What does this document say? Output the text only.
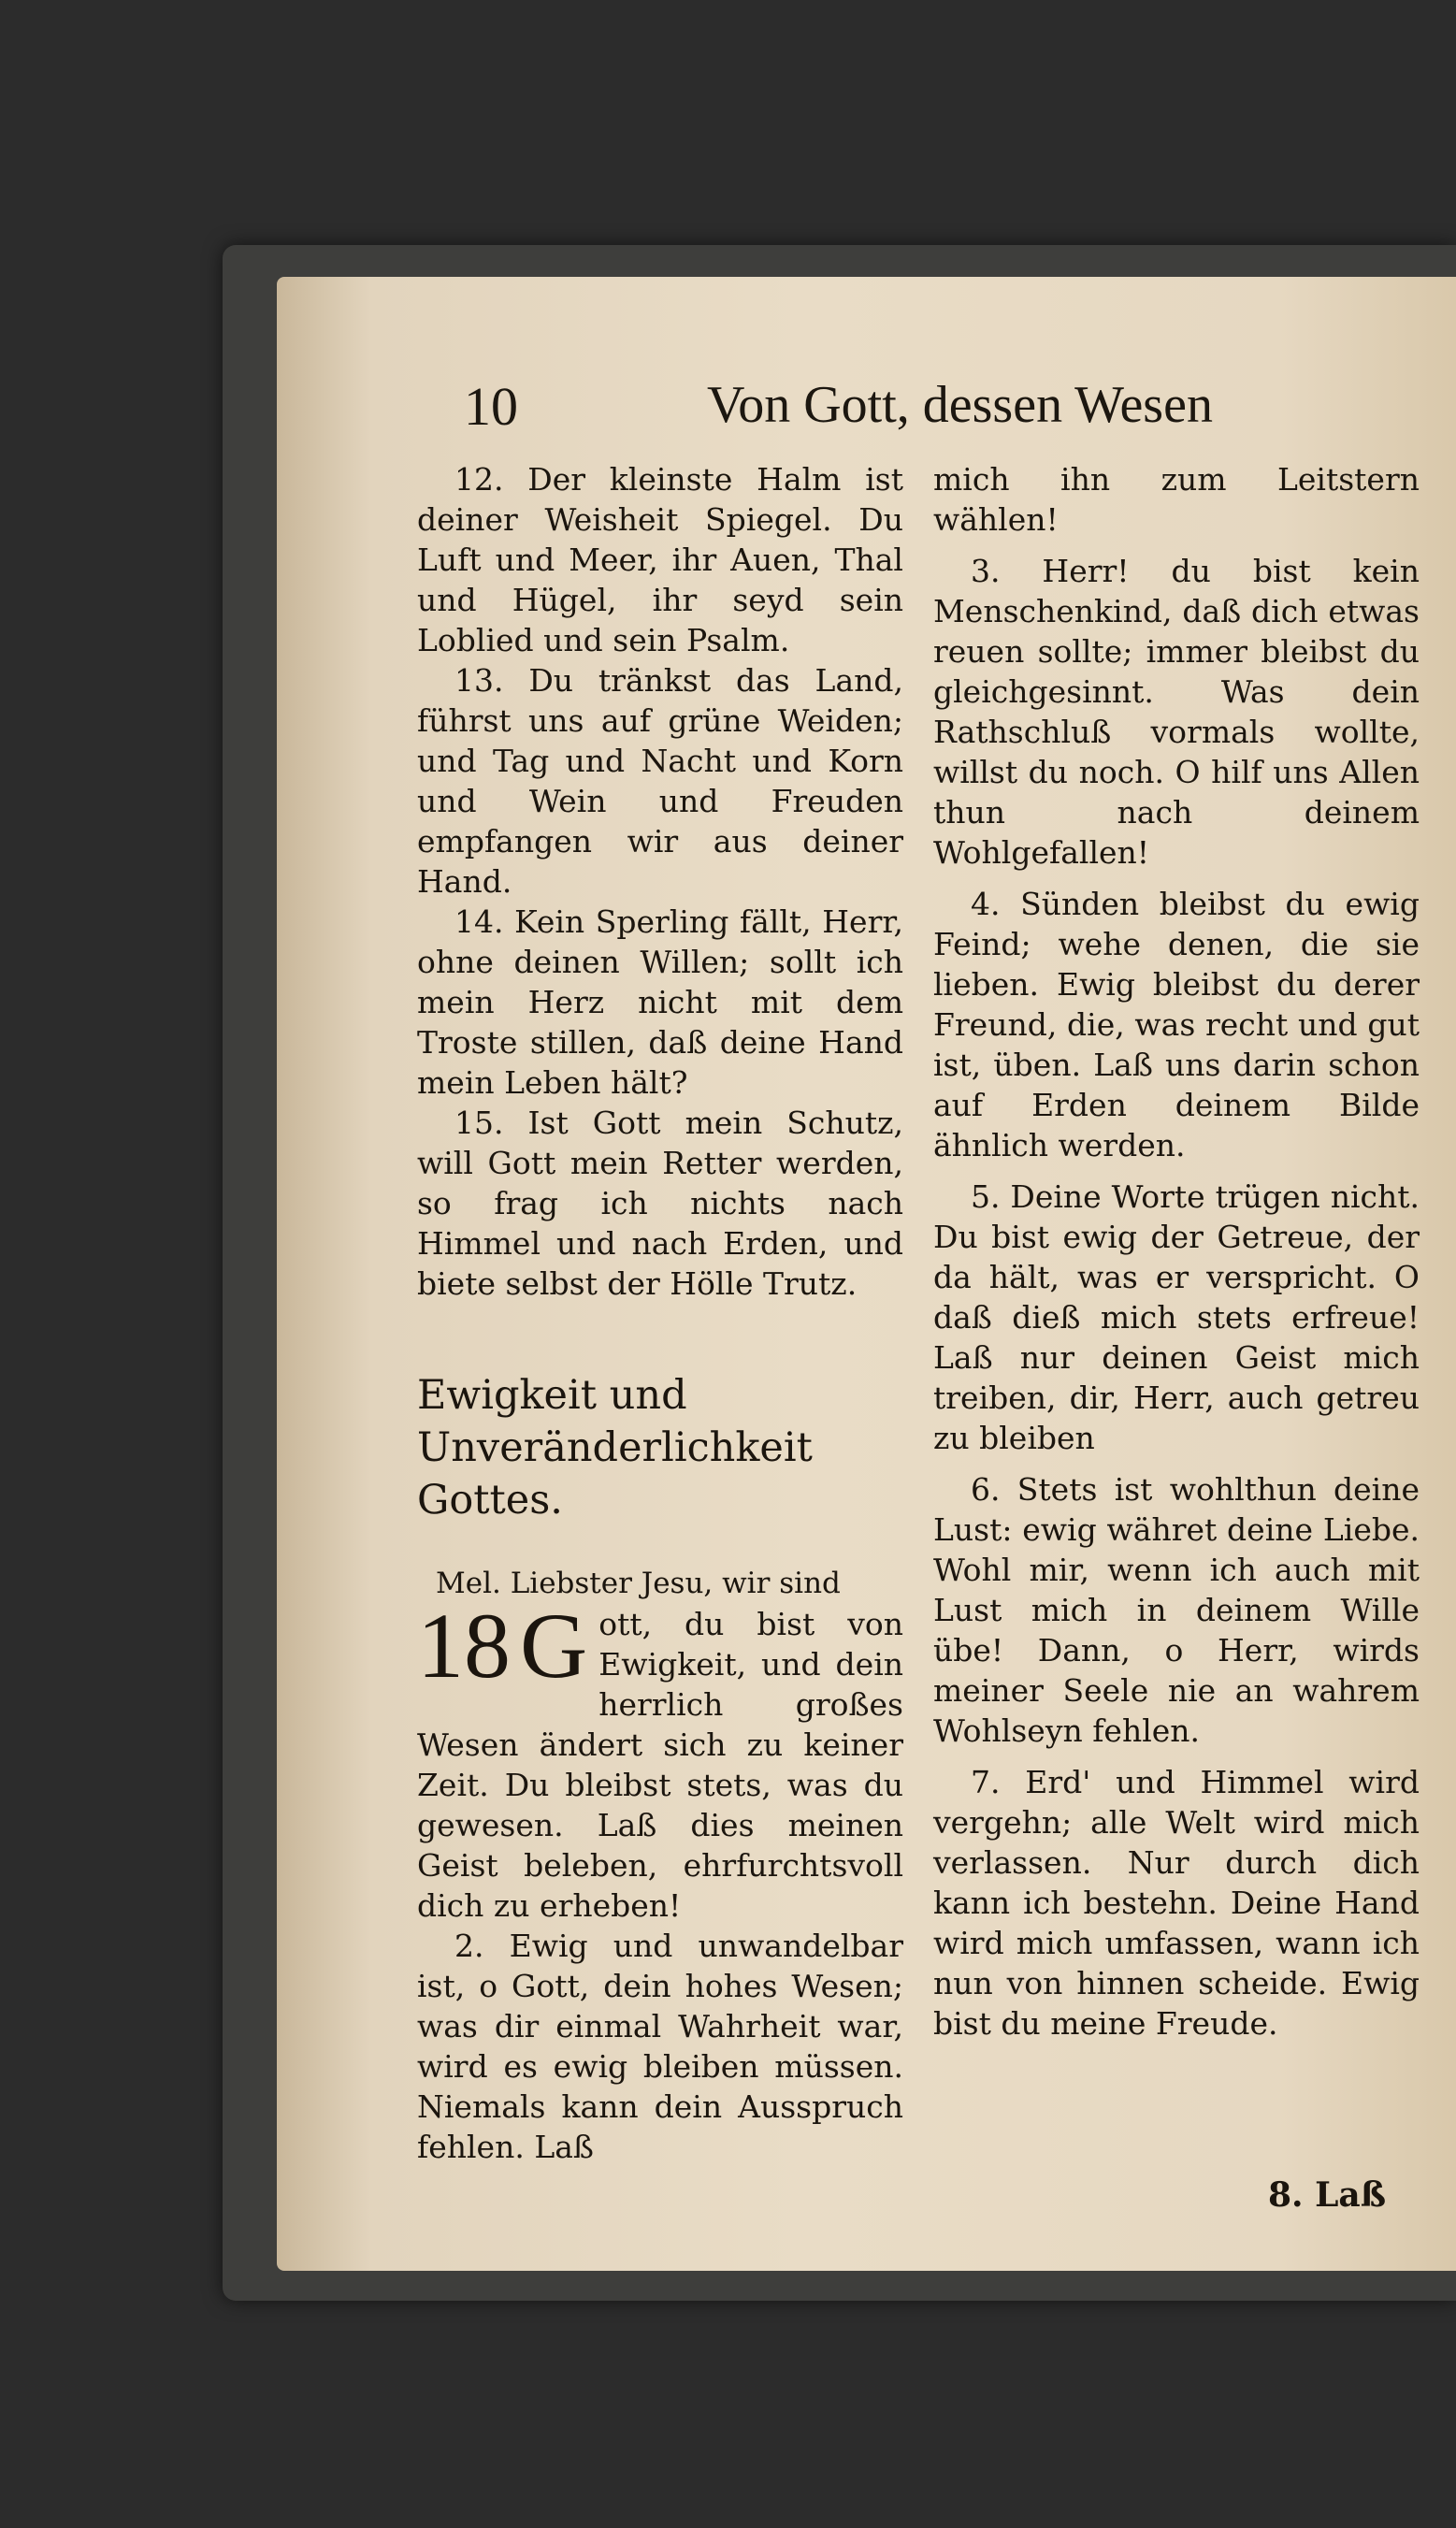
10	Von Gott, dessen Wesen

12. Der kleinste Halm ist deiner Weisheit Spiegel. Du Luft und Meer, ihr Auen, Thal und Hügel, ihr seyd sein Loblied und sein Psalm.

13. Du tränkst das Land, führst uns auf grüne Weiden; und Tag und Nacht und Korn und Wein und Freuden empfangen wir aus deiner Hand.

14. Kein Sperling fällt, Herr, ohne deinen Willen; sollt ich mein Herz nicht mit dem Troste stillen, daß deine Hand mein Leben hält?

15. Ist Gott mein Schutz, will Gott mein Retter werden, so frag ich nichts nach Himmel und nach Erden, und biete selbst der Hölle Trutz.

Ewigkeit und Unveränderlichkeit Gottes.

Mel. Liebster Jesu, wir sind

18 G ott, du bist von Ewigkeit, und dein herrlich großes Wesen ändert sich zu keiner Zeit. Du bleibst stets, was du gewesen. Laß dies meinen Geist beleben, ehrfurchtsvoll dich zu erheben!

2. Ewig und unwandelbar ist, o Gott, dein hohes Wesen; was dir einmal Wahrheit war, wird es ewig bleiben müssen. Niemals kann dein Ausspruch fehlen. Laß

mich ihn zum Leitstern wählen!

3. Herr! du bist kein Menschenkind, daß dich etwas reuen sollte; immer bleibst du gleichgesinnt. Was dein Rathschluß vormals wollte, willst du noch. O hilf uns Allen thun nach deinem Wohlgefallen!

4. Sünden bleibst du ewig Feind; wehe denen, die sie lieben. Ewig bleibst du derer Freund, die, was recht und gut ist, üben. Laß uns darin schon auf Erden deinem Bilde ähnlich werden.

5. Deine Worte trügen nicht. Du bist ewig der Getreue, der da hält, was er verspricht. O daß dieß mich stets erfreue! Laß nur deinen Geist mich treiben, dir, Herr, auch getreu zu bleiben

6. Stets ist wohlthun deine Lust: ewig währet deine Liebe. Wohl mir, wenn ich auch mit Lust mich in deinem Wille übe! Dann, o Herr, wirds meiner Seele nie an wahrem Wohlseyn fehlen.

7. Erd' und Himmel wird vergehn; alle Welt wird mich verlassen. Nur durch dich kann ich bestehn. Deine Hand wird mich umfassen, wann ich nun von hinnen scheide. Ewig bist du meine Freude.

8. Laß
